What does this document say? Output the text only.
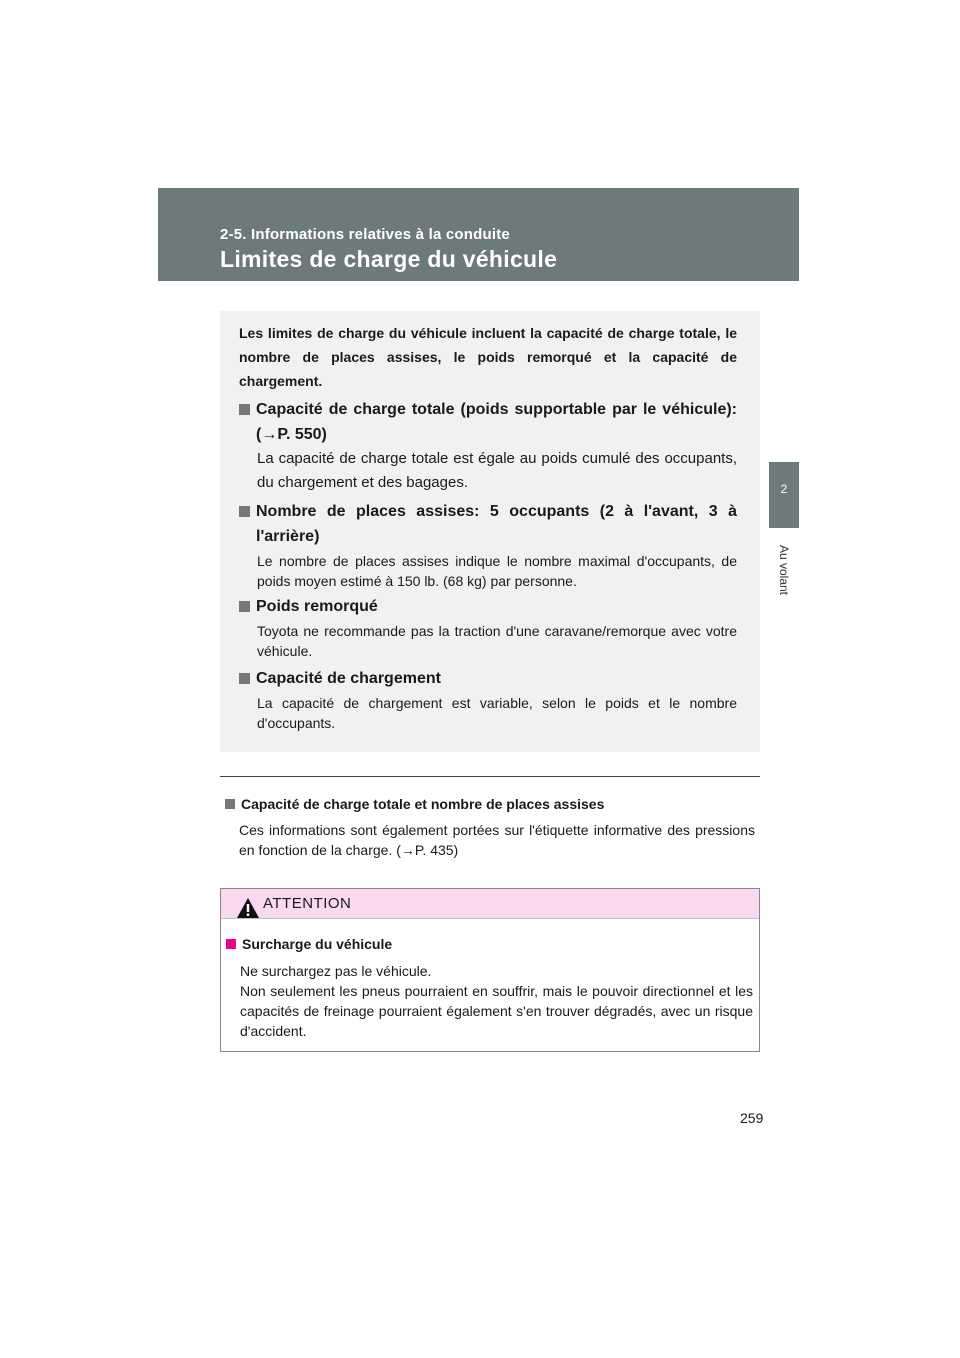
2-5. Informations relatives à la conduite
Limites de charge du véhicule
2
Au volant

Les limites de charge du véhicule incluent la capacité de charge totale, le nombre de places assises, le poids remorqué et la capacité de chargement.

Capacité de charge totale (poids supportable par le véhicule): (→P. 550)
La capacité de charge totale est égale au poids cumulé des occupants, du chargement et des bagages.
Nombre de places assises: 5 occupants (2 à l'avant, 3 à l'arrière)
Le nombre de places assises indique le nombre maximal d'occupants, de poids moyen estimé à 150 lb. (68 kg) par personne.
Poids remorqué
Toyota ne recommande pas la traction d'une caravane/remorque avec votre véhicule.
Capacité de chargement
La capacité de chargement est variable, selon le poids et le nombre d'occupants.
Capacité de charge totale et nombre de places assises
Ces informations sont également portées sur l'étiquette informative des pressions en fonction de la charge. (→P. 435)
ATTENTION
Surcharge du véhicule

Ne surchargez pas le véhicule.
Non seulement les pneus pourraient en souffrir, mais le pouvoir directionnel et les capacités de freinage pourraient également s'en trouver dégradés, avec un risque d'accident.

259
